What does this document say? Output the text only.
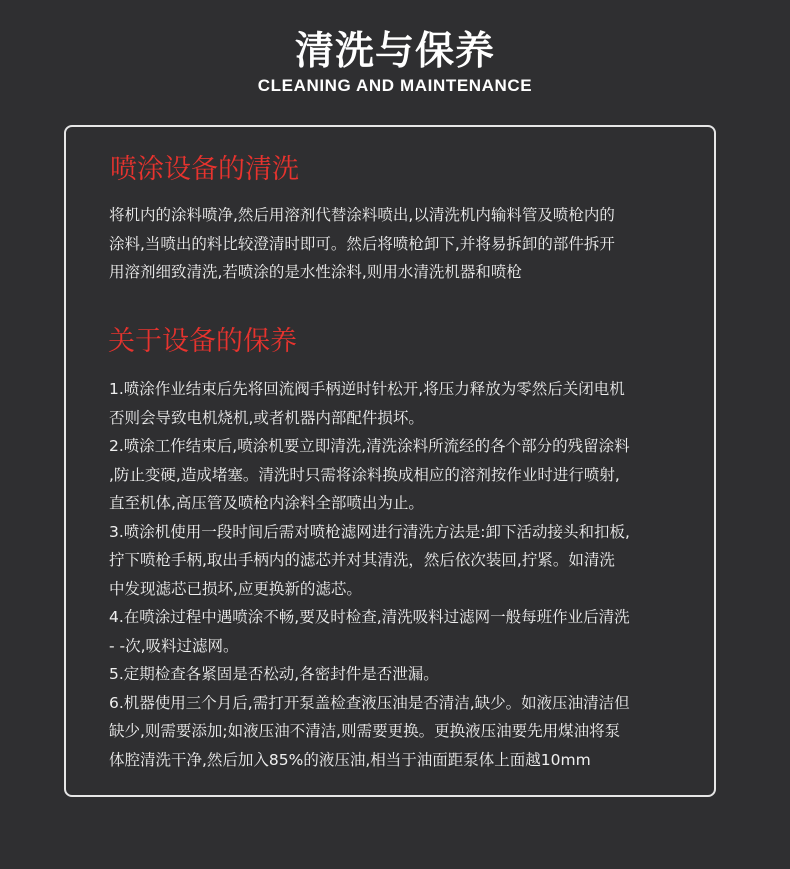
清洗与保养
CLEANING AND MAINTENANCE
喷涂设备的清洗
将机内的涂料喷净,然后用溶剂代替涂料喷出,以清洗机内输料管及喷枪内的
涂料,当喷出的料比较澄清时即可。然后将喷枪卸下,并将易拆卸的部件拆开
用溶剂细致清洗,若喷涂的是水性涂料,则用水清洗机器和喷枪
关于设备的保养
1.喷涂作业结束后先将回流阀手柄逆时针松开,将压力释放为零然后关闭电机
否则会导致电机烧机,或者机器内部配件损坏。
2.喷涂工作结束后,喷涂机要立即清洗,清洗涂料所流经的各个部分的残留涂料
,防止变硬,造成堵塞。清洗时只需将涂料换成相应的溶剂按作业时进行喷射,
直至机体,高压管及喷枪内涂料全部喷出为止。
3.喷涂机使用一段时间后需对喷枪滤网进行清洗方法是:卸下活动接头和扣板,
拧下喷枪手柄,取出手柄内的滤芯并对其清洗，然后依次装回,拧紧。如清洗
中发现滤芯已损坏,应更换新的滤芯。
4.在喷涂过程中遇喷涂不畅,要及时检查,清洗吸料过滤网一般每班作业后清洗
- -次,吸料过滤网。
5.定期检查各紧固是否松动,各密封件是否泄漏。
6.机器使用三个月后,需打开泵盖检查液压油是否清洁,缺少。如液压油清洁但
缺少,则需要添加;如液压油不清洁,则需要更换。更换液压油要先用煤油将泵
体腔清洗干净,然后加入85%的液压油,相当于油面距泵体上面越10mm
